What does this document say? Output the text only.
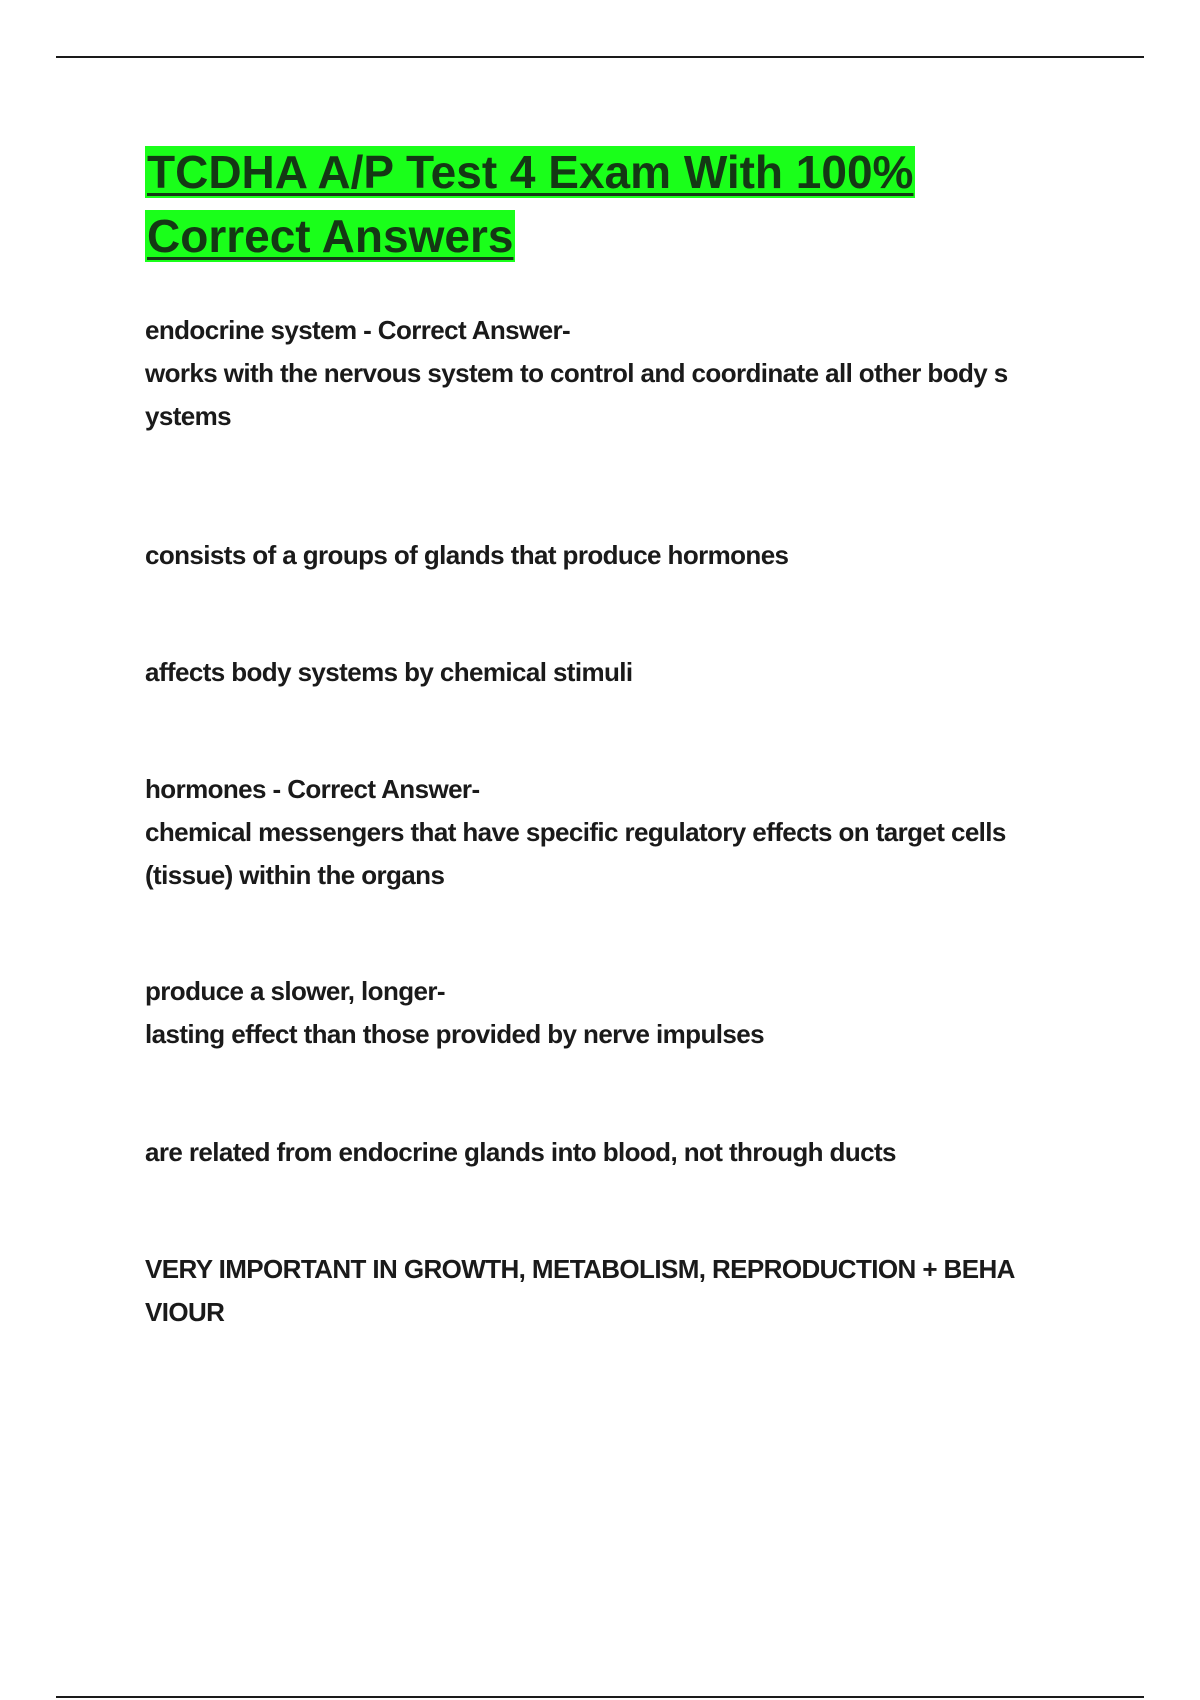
TCDHA A/P Test 4 Exam With 100%
Correct Answers
endocrine system - Correct Answer-
works with the nervous system to control and coordinate all other body s
ystems
consists of a groups of glands that produce hormones
affects body systems by chemical stimuli
hormones - Correct Answer-
chemical messengers that have specific regulatory effects on target cells
(tissue) within the organs
produce a slower, longer-
lasting effect than those provided by nerve impulses
are related from endocrine glands into blood, not through ducts
VERY IMPORTANT IN GROWTH, METABOLISM, REPRODUCTION + BEHA
VIOUR
